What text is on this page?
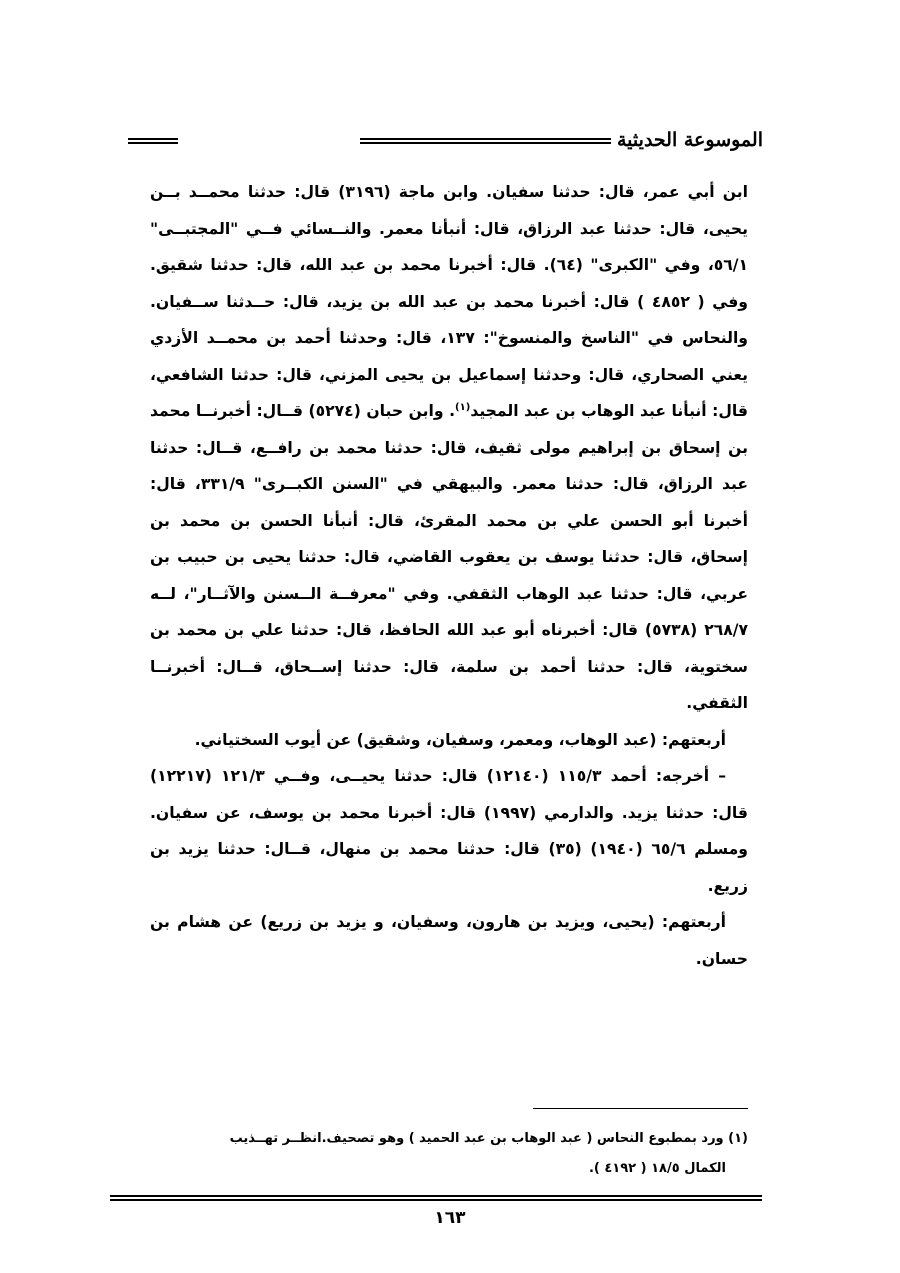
الموسوعة الحديثية

ابن أبي عمر، قال: حدثنا سفيان. وابن ماجة (٣١٩٦) قال: حدثنا محمــد بــن يحيى، قال: حدثنا عبد الرزاق، قال: أنبأنا معمر. والنــسائي فــي "المجتبــى" ٥٦/١، وفي "الكبرى" (٦٤). قال: أخبرنا محمد بن عبد الله، قال: حدثنا شقيق. وفي ( ٤٨٥٢ ) قال: أخبرنا محمد بن عبد الله بن يزيد، قال: حــدثنا ســفيان. والنحاس في "الناسخ والمنسوخ": ١٣٧، قال: وحدثنا أحمد بن محمــد الأزدي يعني الصحاري، قال: وحدثنا إسماعيل بن يحيى المزني، قال: حدثنا الشافعي، قال: أنبأنا عبد الوهاب بن عبد المجيد$^{(١)}$. وابن حبان (٥٢٧٤) قــال: أخبرنــا محمد بن إسحاق بن إبراهيم مولى ثقيف، قال: حدثنا محمد بن رافــع، قــال: حدثنا عبد الرزاق، قال: حدثنا معمر. والبيهقي في "السنن الكبــرى" ٣٣١/٩، قال: أخبرنا أبو الحسن علي بن محمد المقرئ، قال: أنبأنا الحسن بن محمد بن إسحاق، قال: حدثنا يوسف بن يعقوب القاضي، قال: حدثنا يحيى بن حبيب بن عربي، قال: حدثنا عبد الوهاب الثقفي. وفي "معرفــة الــسنن والآثــار"، لــه ٢٦٨/٧ (٥٧٣٨) قال: أخبرناه أبو عبد الله الحافظ، قال: حدثنا علي بن محمد بن سختوية، قال: حدثنا أحمد بن سلمة، قال: حدثنا إســحاق، قــال: أخبرنــا الثقفي.

أربعتهم: (عبد الوهاب، ومعمر، وسفيان، وشقيق) عن أيوب السختياني.

– أخرجه: أحمد ١١٥/٣ (١٢١٤٠) قال: حدثنا يحيــى، وفــي ١٢١/٣ (١٢٢١٧) قال: حدثنا يزيد. والدارمي (١٩٩٧) قال: أخبرنا محمد بن يوسف، عن سفيان. ومسلم ٦٥/٦ (١٩٤٠) (٣٥) قال: حدثنا محمد بن منهال، قــال: حدثنا يزيد بن زريع.

أربعتهم: (يحيى، ويزيد بن هارون، وسفيان، و يزيد بن زريع) عن هشام بن حسان.

(١) ورد بمطبوع النحاس ( عبد الوهاب بن عبد الحميد ) وهو تصحيف.انظــر تهــذيب

الكمال ١٨/٥ ( ٤١٩٢ ).

١٦٣
